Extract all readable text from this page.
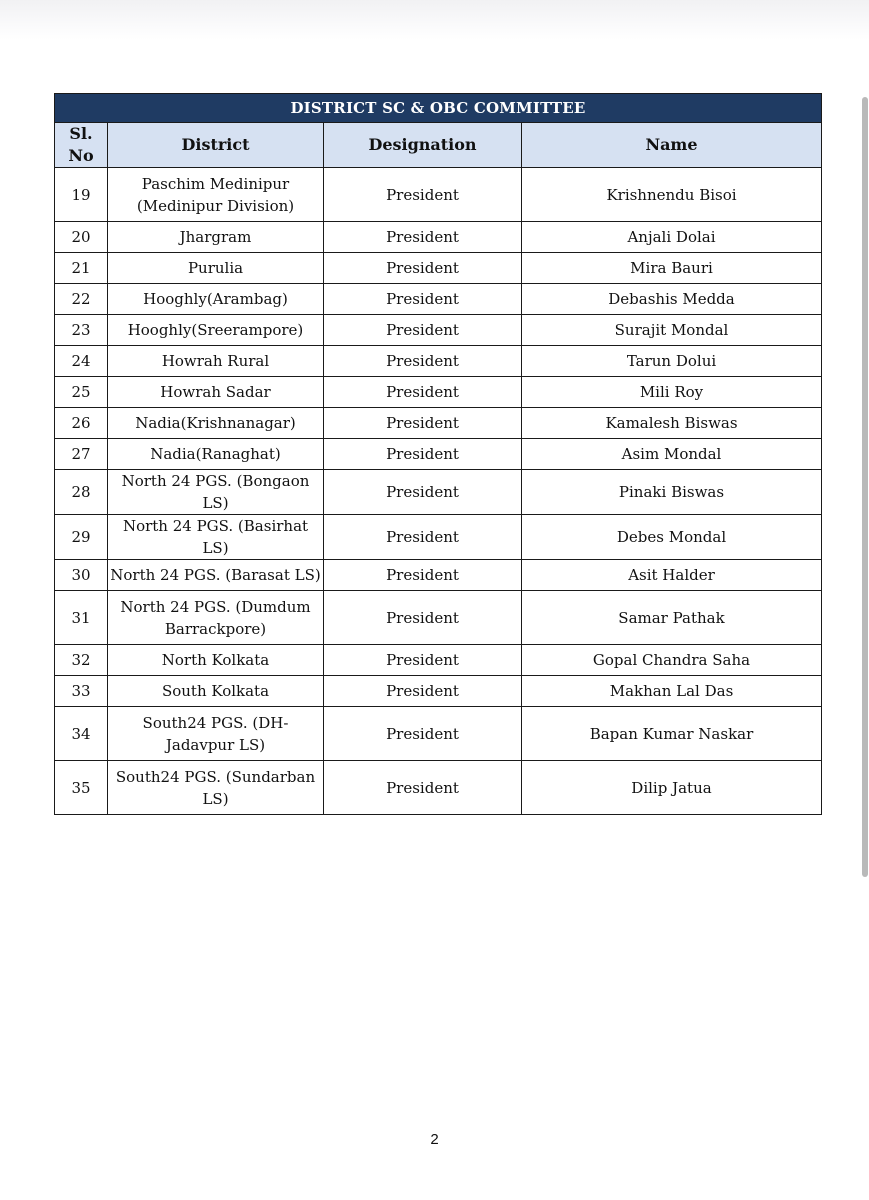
DISTRICT SC & OBC COMMITTEE			
Sl. No	District	Designation	Name
19	Paschim Medinipur (Medinipur Division)	President	Krishnendu Bisoi
20	Jhargram	President	Anjali Dolai
21	Purulia	President	Mira Bauri
22	Hooghly(Arambag)	President	Debashis Medda
23	Hooghly(Sreerampore)	President	Surajit Mondal
24	Howrah Rural	President	Tarun Dolui
25	Howrah Sadar	President	Mili Roy
26	Nadia(Krishnanagar)	President	Kamalesh Biswas
27	Nadia(Ranaghat)	President	Asim Mondal
28	North 24 PGS. (Bongaon LS)	President	Pinaki Biswas
29	North 24 PGS. (Basirhat LS)	President	Debes Mondal
30	North 24 PGS. (Barasat LS)	President	Asit Halder
31	North 24 PGS. (Dumdum Barrackpore)	President	Samar Pathak
32	North Kolkata	President	Gopal Chandra Saha
33	South Kolkata	President	Makhan Lal Das
34	South24 PGS. (DH-Jadavpur LS)	President	Bapan Kumar Naskar
35	South24 PGS. (Sundarban LS)	President	Dilip Jatua
2
